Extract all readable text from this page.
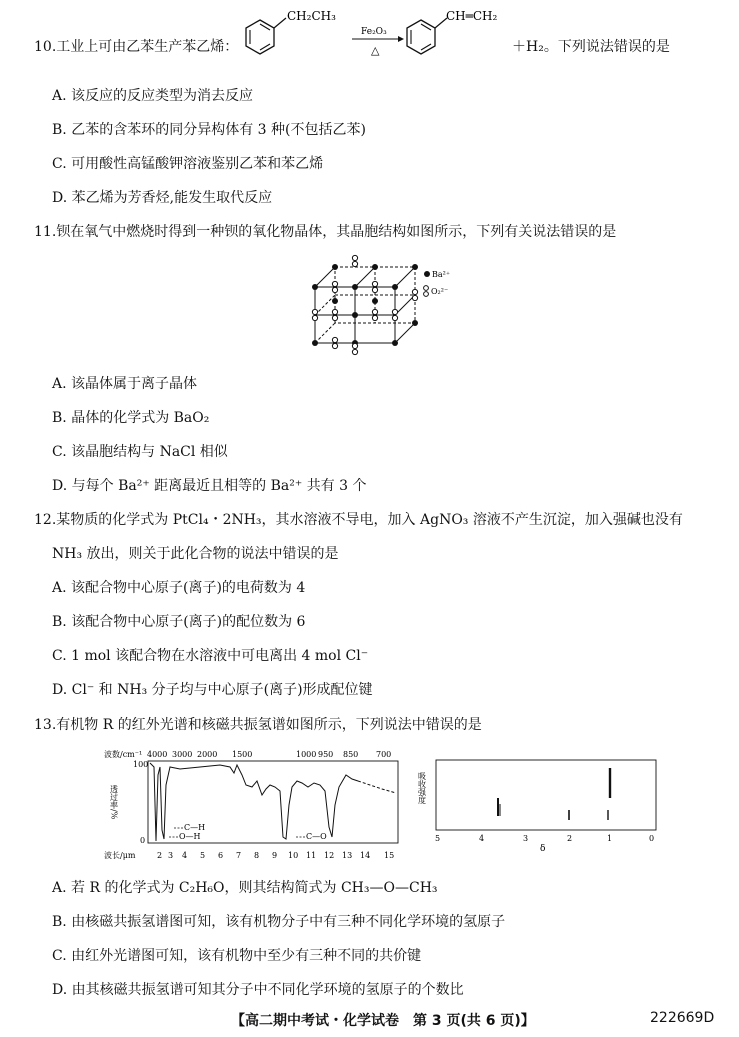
10.工业上可由乙苯生产苯乙烯：
CH₂CH₃
Fe₂O₃
△
CH═CH₂
＋H₂。下列说法错误的是
A. 该反应的反应类型为消去反应
B. 乙苯的含苯环的同分异构体有 3 种(不包括乙苯)
C. 可用酸性高锰酸钾溶液鉴别乙苯和苯乙烯
D. 苯乙烯为芳香烃,能发生取代反应
11.钡在氧气中燃烧时得到一种钡的氧化物晶体，其晶胞结构如图所示，下列有关说法错误的是
Ba²⁺
O₂²⁻
A. 该晶体属于离子晶体
B. 晶体的化学式为 BaO₂
C. 该晶胞结构与 NaCl 相似
D. 与每个 Ba²⁺ 距离最近且相等的 Ba²⁺ 共有 3 个
12.某物质的化学式为 PtCl₄・2NH₃，其水溶液不导电，加入 AgNO₃ 溶液不产生沉淀，加入强碱也没有
NH₃ 放出，则关于此化合物的说法中错误的是
A. 该配合物中心原子(离子)的电荷数为 4
B. 该配合物中心原子(离子)的配位数为 6
C. 1 mol 该配合物在水溶液中可电离出 4 mol Cl⁻
D. Cl⁻ 和 NH₃ 分子均与中心原子(离子)形成配位键
13.有机物 R 的红外光谱和核磁共振氢谱如图所示，下列说法中错误的是
波数/cm⁻¹ 4000 3000 2000 1500	1000 950 850 700
透过率/%
100
0
C—H
O—H	C—O
波长/μm	2 3 4 5 6 7 8 9 10 11 12 13 14 15
吸收强度
5	4	3	2	1	0
δ
A. 若 R 的化学式为 C₂H₆O，则其结构简式为 CH₃—O—CH₃
B. 由核磁共振氢谱图可知，该有机物分子中有三种不同化学环境的氢原子
C. 由红外光谱图可知，该有机物中至少有三种不同的共价键
D. 由其核磁共振氢谱可知其分子中不同化学环境的氢原子的个数比
【高二期中考试・化学试卷　第 3 页(共 6 页)】	222669D
